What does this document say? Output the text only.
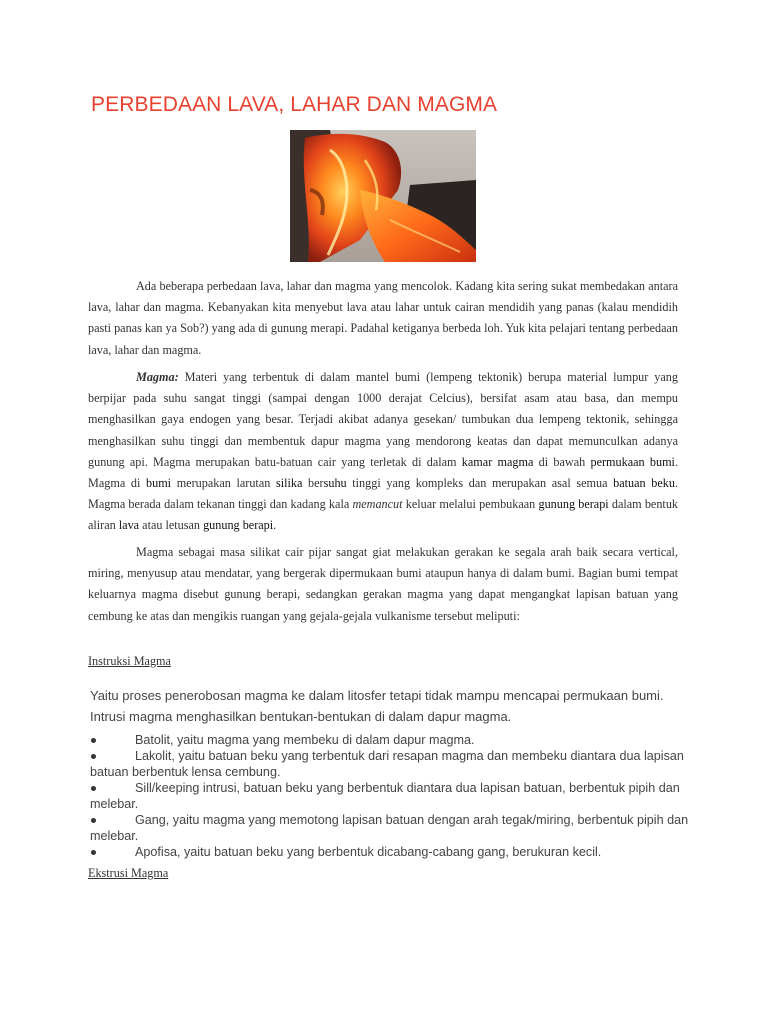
PERBEDAAN LAVA, LAHAR DAN MAGMA

Ada beberapa perbedaan lava, lahar dan magma yang mencolok. Kadang kita sering sukat membedakan antara lava, lahar dan magma. Kebanyakan kita menyebut lava atau lahar untuk cairan mendidih yang panas (kalau mendidih pasti panas kan ya Sob?) yang ada di gunung merapi. Padahal ketiganya berbeda loh. Yuk kita pelajari tentang perbedaan lava, lahar dan magma.

Magma: Materi yang terbentuk di dalam mantel bumi (lempeng tektonik) berupa material lumpur yang berpijar pada suhu sangat tinggi (sampai dengan 1000 derajat Celcius), bersifat asam atau basa, dan mempu menghasilkan gaya endogen yang besar. Terjadi akibat adanya gesekan/ tumbukan dua lempeng tektonik, sehingga menghasilkan suhu tinggi dan membentuk dapur magma yang mendorong keatas dan dapat memunculkan adanya gunung api. Magma merupakan batu-batuan cair yang terletak di dalam kamar magma di bawah permukaan bumi. Magma di bumi merupakan larutan silika bersuhu tinggi yang kompleks dan merupakan asal semua batuan beku. Magma berada dalam tekanan tinggi dan kadang kala memancut keluar melalui pembukaan gunung berapi dalam bentuk aliran lava atau letusan gunung berapi.

Magma sebagai masa silikat cair pijar sangat giat melakukan gerakan ke segala arah baik secara vertical, miring, menyusup atau mendatar, yang bergerak dipermukaan bumi ataupun hanya di dalam bumi. Bagian bumi tempat keluarnya magma disebut gunung berapi, sedangkan gerakan magma yang dapat mengangkat lapisan batuan yang cembung ke atas dan mengikis ruangan yang gejala-gejala vulkanisme tersebut meliputi:

Instruksi Magma

Yaitu proses penerobosan magma ke dalam litosfer tetapi tidak mampu mencapai permukaan bumi.

Intrusi magma menghasilkan bentukan-bentukan di dalam dapur magma.

Batolit, yaitu magma yang membeku di dalam dapur magma.
Lakolit, yaitu batuan beku yang terbentuk dari resapan magma dan membeku diantara dua lapisan batuan berbentuk lensa cembung.
Sill/keeping intrusi, batuan beku yang berbentuk diantara dua lapisan batuan, berbentuk pipih dan melebar.
Gang, yaitu magma yang memotong lapisan batuan dengan arah tegak/miring, berbentuk pipih dan melebar.
Apofisa, yaitu batuan beku yang berbentuk dicabang-cabang gang, berukuran kecil.
Ekstrusi Magma
